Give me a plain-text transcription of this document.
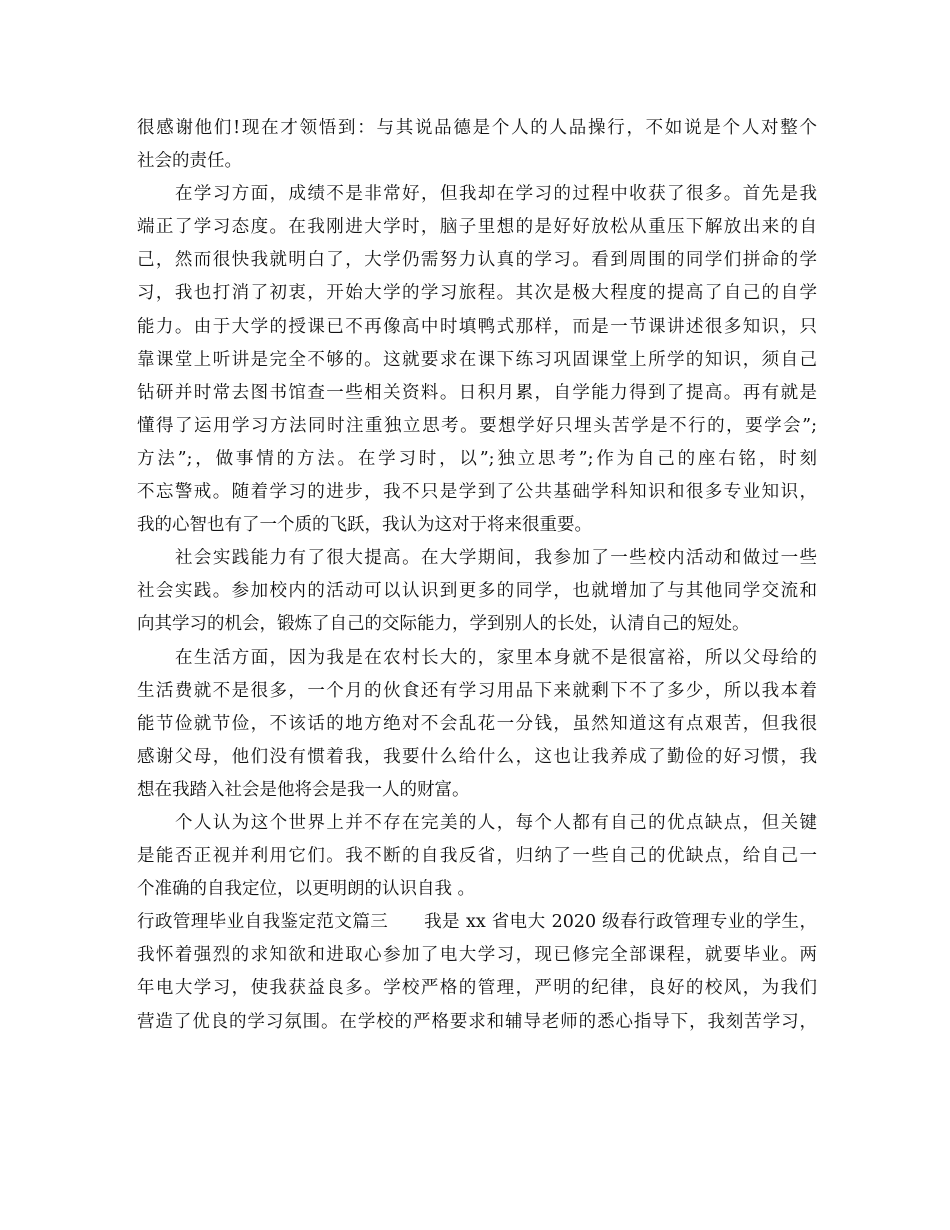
很感谢他们!现在才领悟到：与其说品德是个人的人品操行，不如说是个人对整个
社会的责任。
在学习方面，成绩不是非常好，但我却在学习的过程中收获了很多。首先是我
端正了学习态度。在我刚进大学时，脑子里想的是好好放松从重压下解放出来的自
己，然而很快我就明白了，大学仍需努力认真的学习。看到周围的同学们拼命的学
习，我也打消了初衷，开始大学的学习旅程。其次是极大程度的提高了自己的自学
能力。由于大学的授课已不再像高中时填鸭式那样，而是一节课讲述很多知识，只
靠课堂上听讲是完全不够的。这就要求在课下练习巩固课堂上所学的知识，须自己
钻研并时常去图书馆查一些相关资料。日积月累，自学能力得到了提高。再有就是
懂得了运用学习方法同时注重独立思考。要想学好只埋头苦学是不行的，要学会”;
方法”;，做事情的方法。在学习时，以”;独立思考”;作为自己的座右铭，时刻
不忘警戒。随着学习的进步，我不只是学到了公共基础学科知识和很多专业知识，
我的心智也有了一个质的飞跃，我认为这对于将来很重要。
社会实践能力有了很大提高。在大学期间，我参加了一些校内活动和做过一些
社会实践。参加校内的活动可以认识到更多的同学，也就增加了与其他同学交流和
向其学习的机会，锻炼了自己的交际能力，学到别人的长处，认清自己的短处。
在生活方面，因为我是在农村长大的，家里本身就不是很富裕，所以父母给的
生活费就不是很多，一个月的伙食还有学习用品下来就剩下不了多少，所以我本着
能节俭就节俭，不该话的地方绝对不会乱花一分钱，虽然知道这有点艰苦，但我很
感谢父母，他们没有惯着我，我要什么给什么，这也让我养成了勤俭的好习惯，我
想在我踏入社会是他将会是我一人的财富。
个人认为这个世界上并不存在完美的人，每个人都有自己的优点缺点，但关键
是能否正视并利用它们。我不断的自我反省，归纳了一些自己的优缺点，给自己一
个准确的自我定位，以更明朗的认识自我 。
行政管理毕业自我鉴定范文篇三　　我是 xx 省电大 2020 级春行政管理专业的学生，
我怀着强烈的求知欲和进取心参加了电大学习，现已修完全部课程，就要毕业。两
年电大学习，使我获益良多。学校严格的管理，严明的纪律，良好的校风，为我们
营造了优良的学习氛围。在学校的严格要求和辅导老师的悉心指导下，我刻苦学习，
